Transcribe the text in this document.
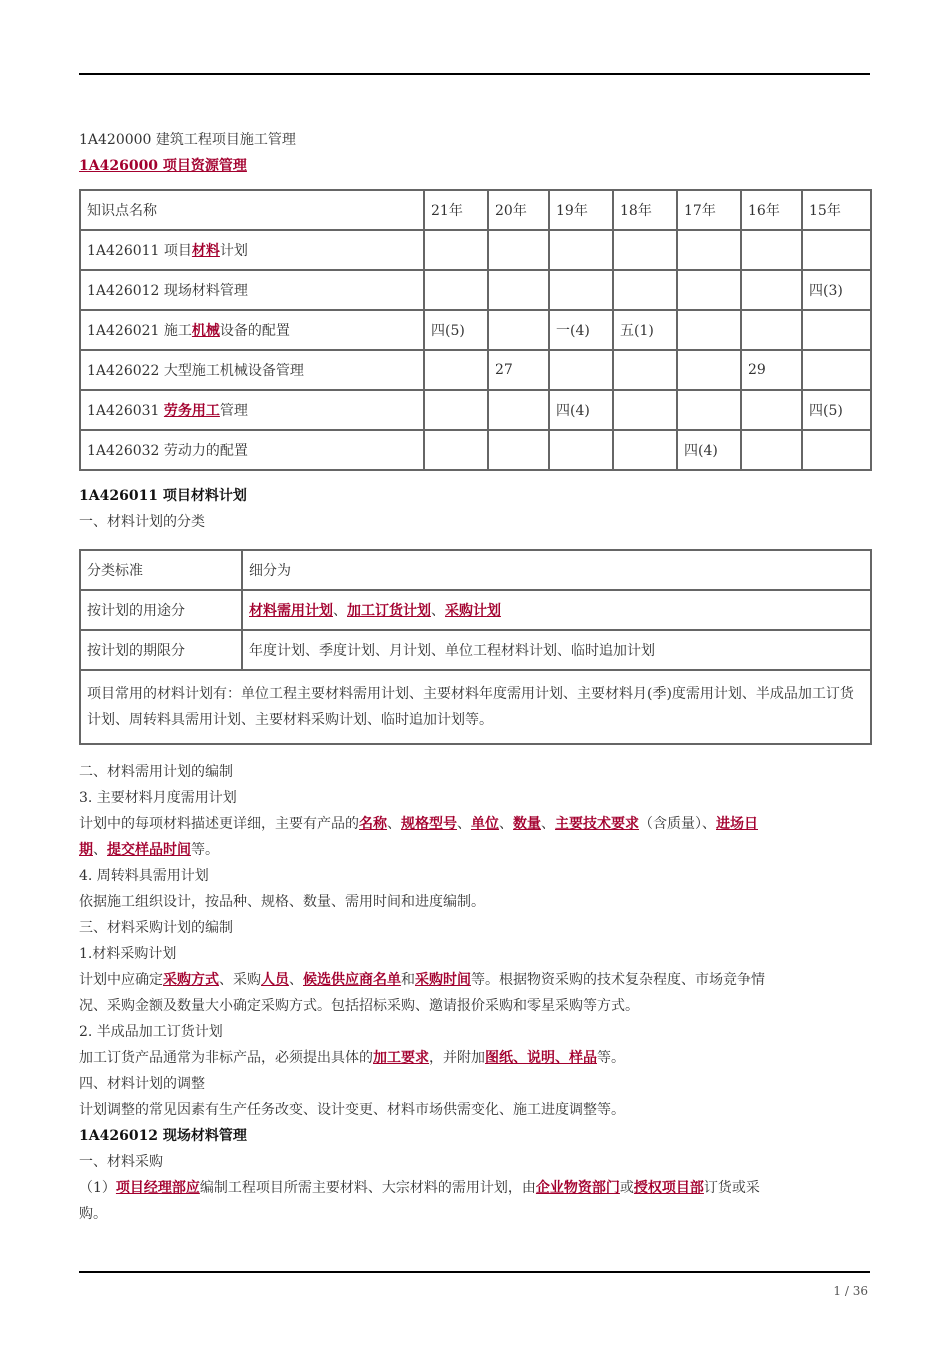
1A420000 建筑工程项目施工管理

1A426000 项目资源管理

知识点名称	21年	20年	19年	18年	17年	16年	15年
1A426011 项目材料计划							
1A426012 现场材料管理							四(3)
1A426021 施工机械设备的配置	四(5)		一(4)	五(1)			
1A426022 大型施工机械设备管理		27				29	
1A426031 劳务用工管理			四(4)				四(5)
1A426032 劳动力的配置					四(4)		

1A426011 项目材料计划

一、材料计划的分类

分类标准	细分为
按计划的用途分	材料需用计划、加工订货计划、采购计划
按计划的期限分	年度计划、季度计划、月计划、单位工程材料计划、临时追加计划
项目常用的材料计划有：单位工程主要材料需用计划、主要材料年度需用计划、主要材料月(季)度需用计划、半成品加工订货计划、周转料具需用计划、主要材料采购计划、临时追加计划等。	

二、材料需用计划的编制

3. 主要材料月度需用计划

计划中的每项材料描述更详细，主要有产品的名称、规格型号、单位、数量、主要技术要求（含质量）、进场日
期、提交样品时间等。

4. 周转料具需用计划

依据施工组织设计，按品种、规格、数量、需用时间和进度编制。

三、材料采购计划的编制

1.材料采购计划

计划中应确定采购方式、采购人员、候选供应商名单和采购时间等。根据物资采购的技术复杂程度、市场竞争情
况、采购金额及数量大小确定采购方式。包括招标采购、邀请报价采购和零星采购等方式。

2. 半成品加工订货计划

加工订货产品通常为非标产品，必须提出具体的加工要求，并附加图纸、说明、样品等。

四、材料计划的调整

计划调整的常见因素有生产任务改变、设计变更、材料市场供需变化、施工进度调整等。

1A426012 现场材料管理

一、材料采购

（1）项目经理部应编制工程项目所需主要材料、大宗材料的需用计划，由企业物资部门或授权项目部订货或采
购。

1 / 36
